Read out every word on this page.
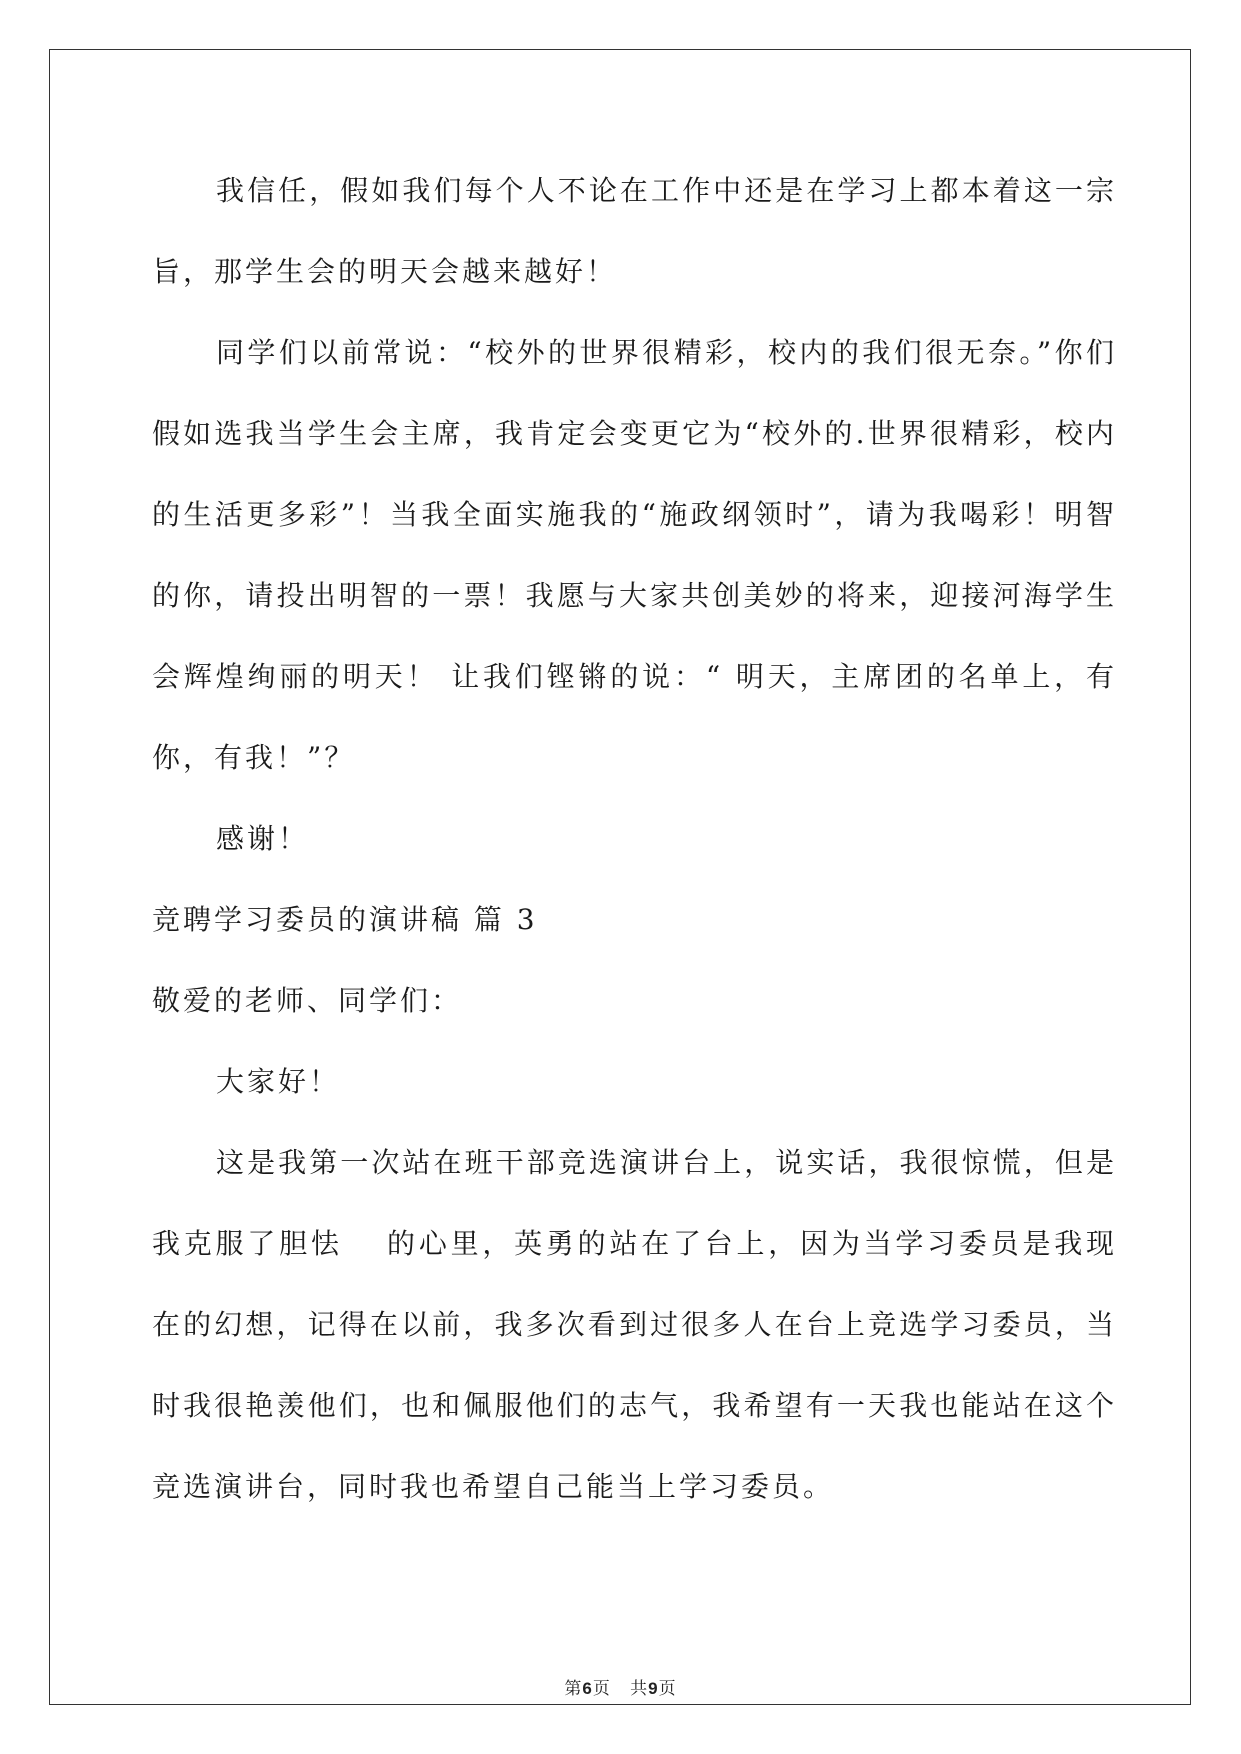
我信任，假如我们每个人不论在工作中还是在学习上都本着这一宗旨，那学生会的明天会越来越好！

同学们以前常说：“校外的世界很精彩，校内的我们很无奈。”你们假如选我当学生会主席，我肯定会变更它为“校外的.世界很精彩，校内的生活更多彩”！当我全面实施我的“施政纲领时”，请为我喝彩！明智的你，请投出明智的一票！我愿与大家共创美妙的将来，迎接河海学生会辉煌绚丽的明天！ 让我们铿锵的说：“ 明天，主席团的名单上，有你，有我！”？

感谢！

竞聘学习委员的演讲稿 篇 3

敬爱的老师、同学们：

大家好！

这是我第一次站在班干部竞选演讲台上，说实话，我很惊慌，但是我克服了胆怯　 的心里，英勇的站在了台上，因为当学习委员是我现在的幻想，记得在以前，我多次看到过很多人在台上竞选学习委员，当时我很艳羡他们，也和佩服他们的志气，我希望有一天我也能站在这个竞选演讲台，同时我也希望自己能当上学习委员。

第6页 共9页
